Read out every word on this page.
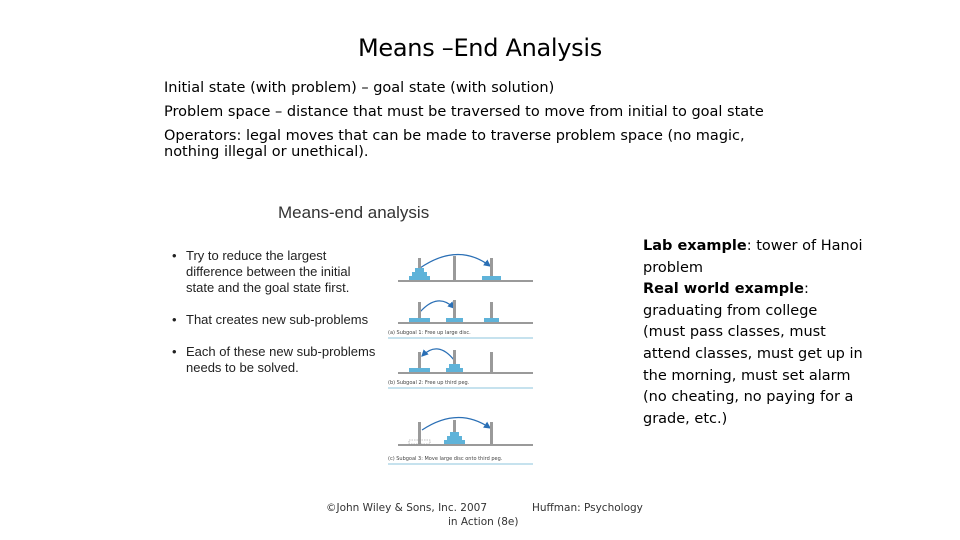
Means –End Analysis
Initial state (with problem) – goal state (with solution)
Problem space – distance that must be traversed to move from initial to goal state
Operators: legal moves that can be made to traverse problem space (no magic, nothing illegal or unethical).
Means-end analysis
• Try to reduce the largest difference between the initial state and the goal state first.
• That creates new sub-problems
• Each of these new sub-problems needs to be solved.
(a) Subgoal 1: Free up large disc.
(b) Subgoal 2: Free up third peg.
(c) Subgoal 3: Move large disc onto third peg.
Lab example: tower of Hanoi problem
Real world example: graduating from college (must pass classes, must attend classes, must get up in the morning, must set alarm (no cheating, no paying for a grade, etc.)
©John Wiley & Sons, Inc. 2007	Huffman: Psychology
in Action (8e)
